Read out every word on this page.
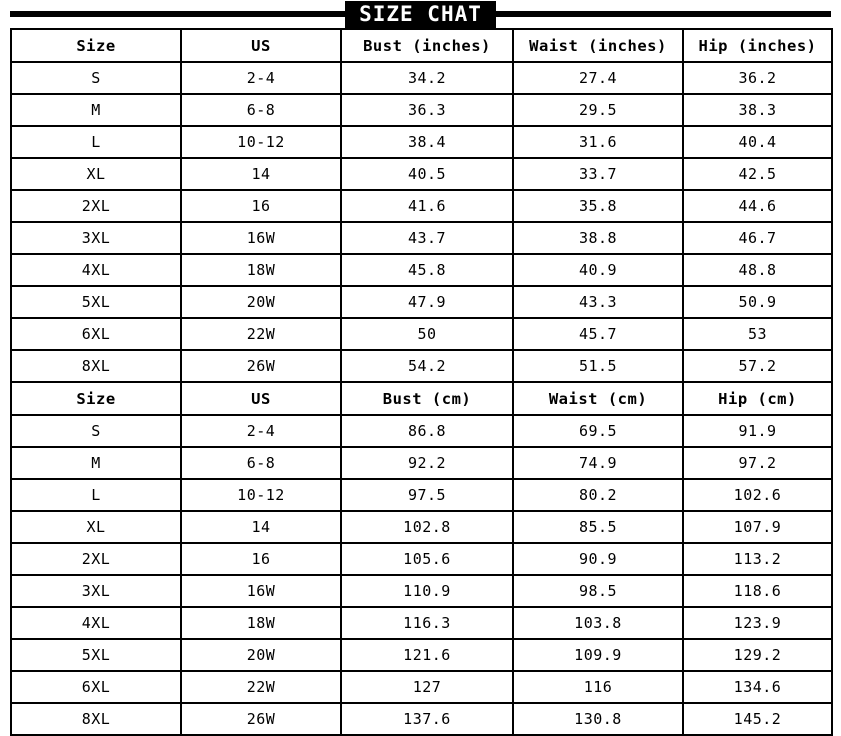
SIZE CHAT
Size	US	Bust (inches)	Waist (inches)	Hip (inches)
S	2-4	34.2	27.4	36.2
M	6-8	36.3	29.5	38.3
L	10-12	38.4	31.6	40.4
XL	14	40.5	33.7	42.5
2XL	16	41.6	35.8	44.6
3XL	16W	43.7	38.8	46.7
4XL	18W	45.8	40.9	48.8
5XL	20W	47.9	43.3	50.9
6XL	22W	50	45.7	53
8XL	26W	54.2	51.5	57.2
Size	US	Bust (cm)	Waist (cm)	Hip (cm)
S	2-4	86.8	69.5	91.9
M	6-8	92.2	74.9	97.2
L	10-12	97.5	80.2	102.6
XL	14	102.8	85.5	107.9
2XL	16	105.6	90.9	113.2
3XL	16W	110.9	98.5	118.6
4XL	18W	116.3	103.8	123.9
5XL	20W	121.6	109.9	129.2
6XL	22W	127	116	134.6
8XL	26W	137.6	130.8	145.2
